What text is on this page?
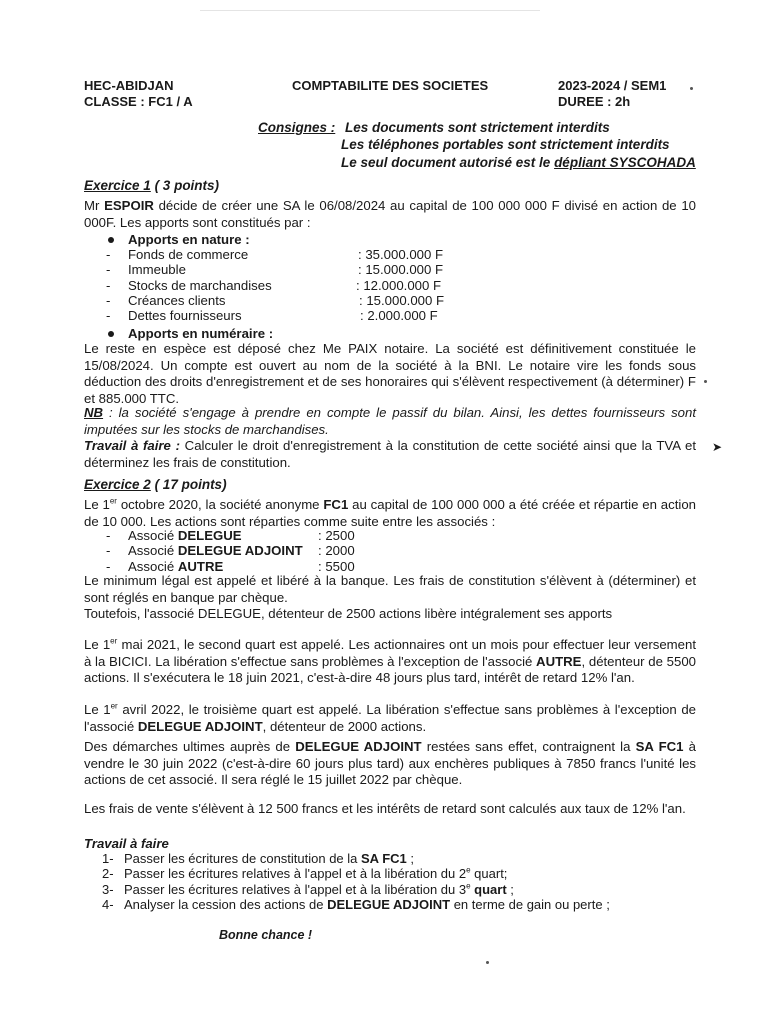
HEC-ABIDJAN
CLASSE : FC1 / A
COMPTABILITE DES SOCIETES	2023-2024 / SEM1
DUREE : 2h
Consignes : Les documents sont strictement interdits
Les téléphones portables sont strictement interdits
Le seul document autorisé est le dépliant SYSCOHADA
Exercice 1 ( 3 points)
Mr ESPOIR décide de créer une SA le 06/08/2024 au capital de 100 000 000 F divisé en action de 10 000F. Les apports sont constitués par :
Apports en nature :
-	Fonds de commerce	: 35.000.000 F
-	Immeuble	: 15.000.000 F
-	Stocks de marchandises	: 12.000.000 F
-	Créances clients	: 15.000.000 F
-	Dettes fournisseurs	: 2.000.000 F
Apports en numéraire :
Le reste en espèce est déposé chez Me PAIX notaire. La société est définitivement constituée le 15/08/2024. Un compte est ouvert au nom de la société à la BNI. Le notaire vire les fonds sous déduction des droits d'enregistrement et de ses honoraires qui s'élèvent respectivement (à déterminer) F et 885.000 TTC.
NB : la société s'engage à prendre en compte le passif du bilan. Ainsi, les dettes fournisseurs sont imputées sur les stocks de marchandises.
Travail à faire : Calculer le droit d'enregistrement à la constitution de cette société ainsi que la TVA et déterminez les frais de constitution.
➤
Exercice 2 ( 17 points)
Le 1er octobre 2020, la société anonyme FC1 au capital de 100 000 000 a été créée et répartie en action de 10 000. Les actions sont réparties comme suite entre les associés :
-	Associé DELEGUE	: 2500
-	Associé DELEGUE ADJOINT	: 2000
-	Associé AUTRE	: 5500
Le minimum légal est appelé et libéré à la banque. Les frais de constitution s'élèvent à (déterminer) et sont réglés en banque par chèque.
Toutefois, l'associé DELEGUE, détenteur de 2500 actions libère intégralement ses apports
Le 1er mai 2021, le second quart est appelé. Les actionnaires ont un mois pour effectuer leur versement à la BICICI. La libération s'effectue sans problèmes à l'exception de l'associé AUTRE, détenteur de 5500 actions. Il s'exécutera le 18 juin 2021, c'est-à-dire 48 jours plus tard, intérêt de retard 12% l'an.
Le 1er avril 2022, le troisième quart est appelé. La libération s'effectue sans problèmes à l'exception de l'associé DELEGUE ADJOINT, détenteur de 2000 actions.
Des démarches ultimes auprès de DELEGUE ADJOINT restées sans effet, contraignent la SA FC1 à vendre le 30 juin 2022 (c'est-à-dire 60 jours plus tard) aux enchères publiques à 7850 francs l'unité les actions de cet associé. Il sera réglé le 15 juillet 2022 par chèque.
Les frais de vente s'élèvent à 12 500 francs et les intérêts de retard sont calculés aux taux de 12% l'an.
Travail à faire
1- Passer les écritures de constitution de la SA FC1 ;
2- Passer les écritures relatives à l'appel et à la libération du 2e quart;
3- Passer les écritures relatives à l'appel et à la libération du 3e quart ;
4- Analyser la cession des actions de DELEGUE ADJOINT en terme de gain ou perte ;
Bonne chance !
